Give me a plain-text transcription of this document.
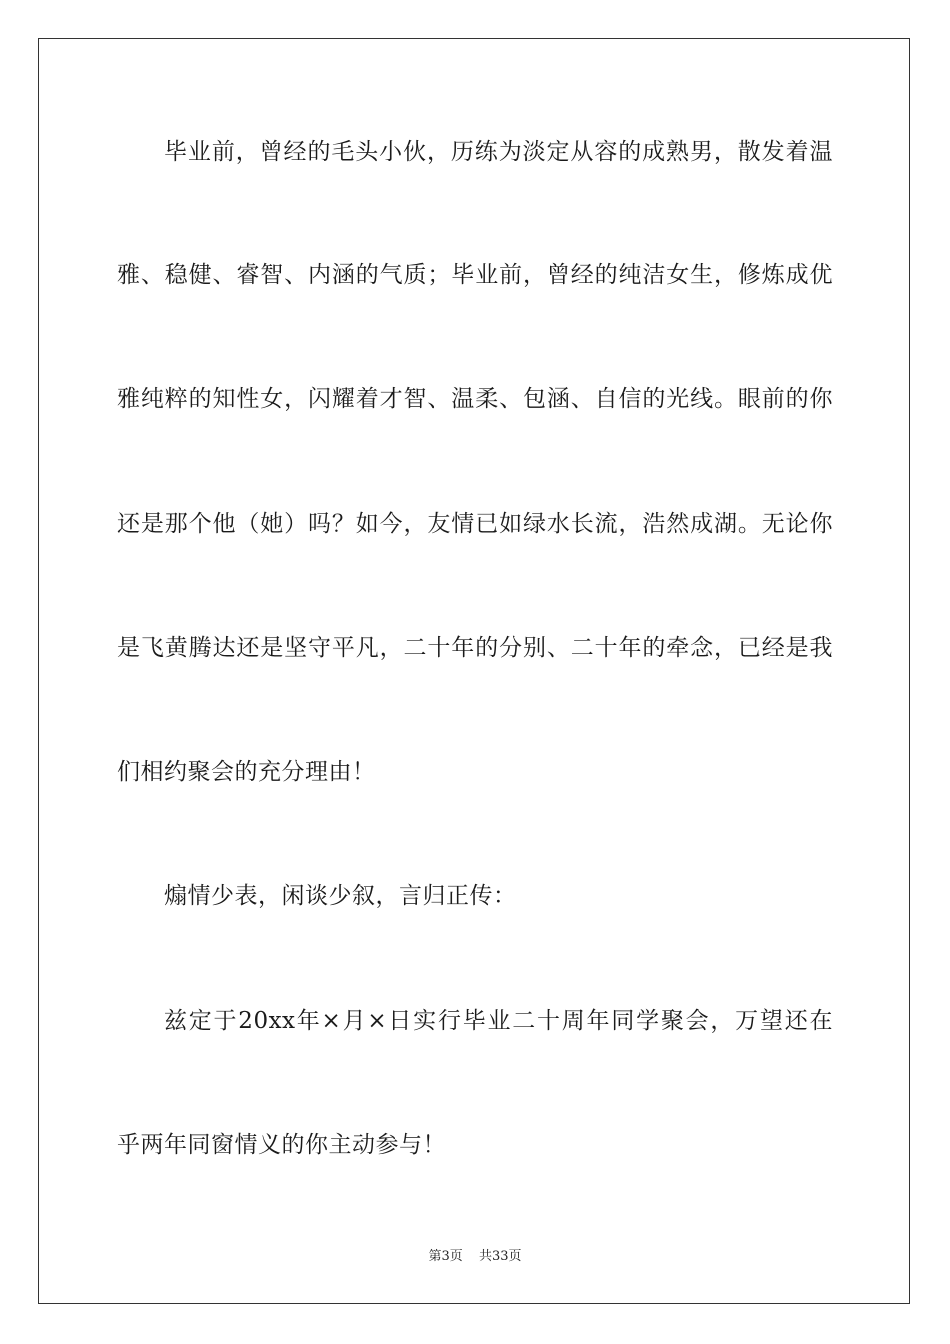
毕业前，曾经的毛头小伙，历练为淡定从容的成熟男，散发着温
雅、稳健、睿智、内涵的气质；毕业前，曾经的纯洁女生，修炼成优
雅纯粹的知性女，闪耀着才智、温柔、包涵、自信的光线。眼前的你
还是那个他（她）吗？如今，友情已如绿水长流，浩然成湖。无论你
是飞黄腾达还是坚守平凡，二十年的分别、二十年的牵念，已经是我
们相约聚会的充分理由！
煽情少表，闲谈少叙，言归正传：
兹定于20xx年×月×日实行毕业二十周年同学聚会，万望还在
乎两年同窗情义的你主动参与！
第3页 共33页
